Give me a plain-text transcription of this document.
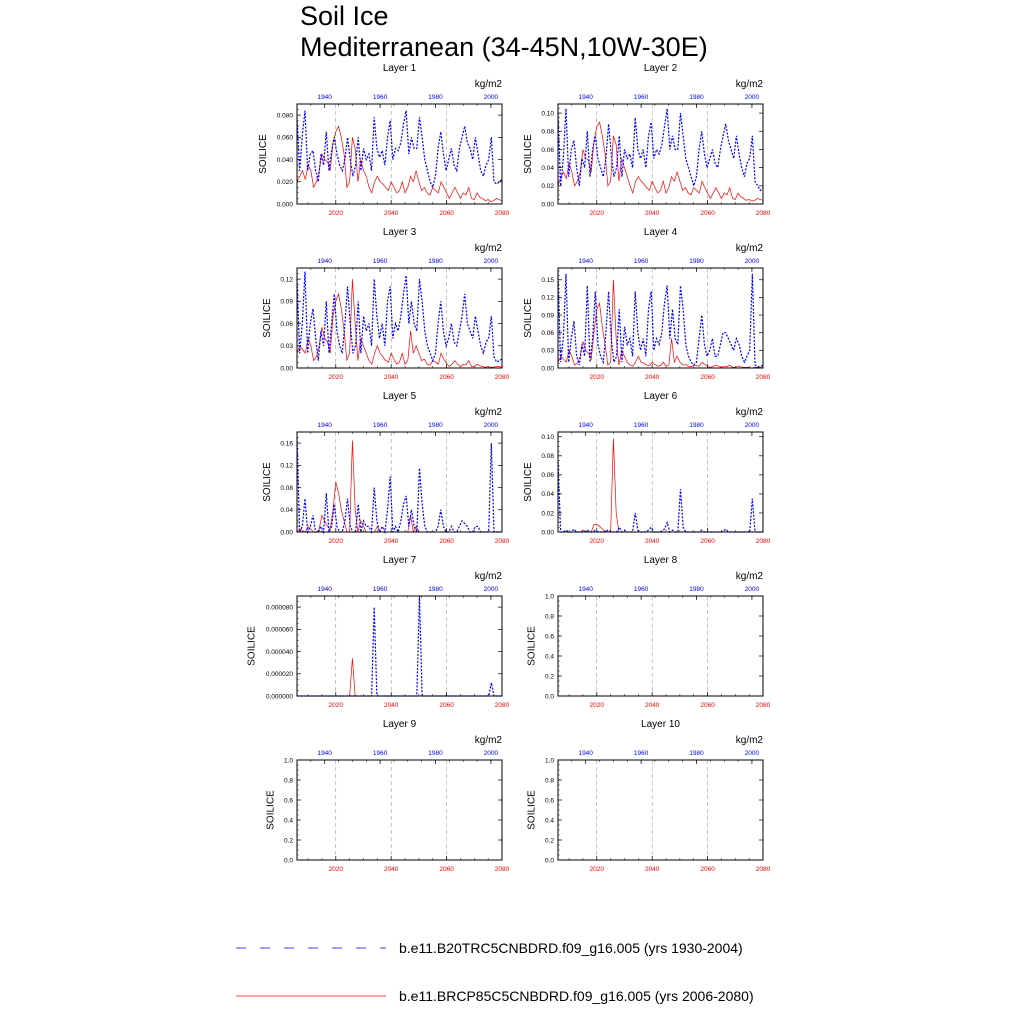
Soil Ice
Mediterranean (34-45N,10W-30E)
Layer 1
kg/m2
2020	2040	2060	2080
1940	1960	1980	2000
0.000
0.020
0.040
0.060
0.080
SOILICE
Layer 2
kg/m2
2020	2040	2060	2080
1940	1960	1980	2000
0.00
0.02
0.04
0.06
0.08
0.10
SOILICE
Layer 3
kg/m2
2020	2040	2060	2080
1940	1960	1980	2000
0.00
0.03
0.06
0.09
0.12
SOILICE
Layer 4
kg/m2
2020	2040	2060	2080
1940	1960	1980	2000
0.00
0.03
0.06
0.09
0.12
0.15
SOILICE
Layer 5
kg/m2
2020	2040	2060	2080
1940	1960	1980	2000
0.00
0.04
0.08
0.12
0.16
SOILICE
Layer 6
kg/m2
2020	2040	2060	2080
1940	1960	1980	2000
0.00
0.02
0.04
0.06
0.08
0.10
SOILICE
Layer 7
kg/m2
2020	2040	2060	2080
1940	1960	1980	2000
0.000000
0.000020
0.000040
0.000060
0.000080
SOILICE
Layer 8
kg/m2
2020	2040	2060	2080
1940	1960	1980	2000
0.0
0.2
0.4
0.6
0.8
1.0
SOILICE
Layer 9
kg/m2
2020	2040	2060	2080
1940	1960	1980	2000
0.0
0.2
0.4
0.6
0.8
1.0
SOILICE
Layer 10
kg/m2
2020	2040	2060	2080
1940	1960	1980	2000
0.0
0.2
0.4
0.6
0.8
1.0
SOILICE
b.e11.B20TRC5CNBDRD.f09_g16.005 (yrs 1930-2004)
b.e11.BRCP85C5CNBDRD.f09_g16.005 (yrs 2006-2080)
